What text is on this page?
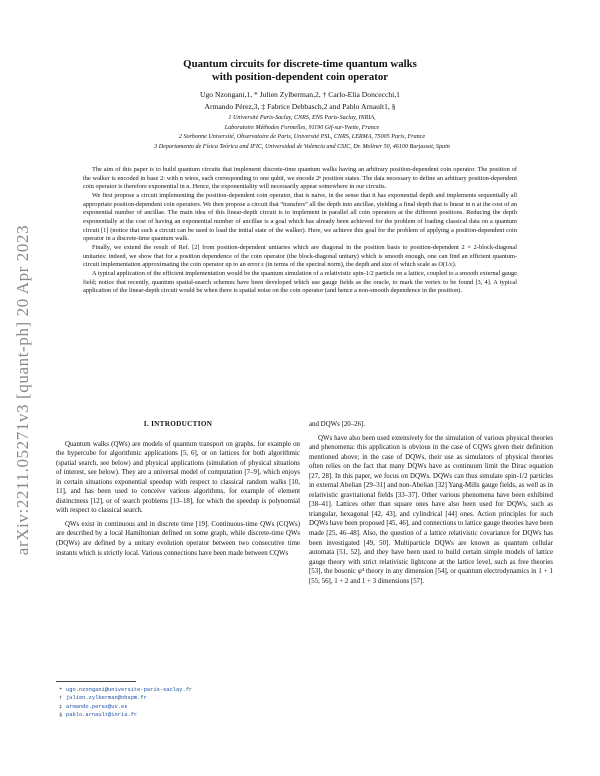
arXiv:2211.05271v3 [quant-ph] 20 Apr 2023
Quantum circuits for discrete-time quantum walks
with position-dependent coin operator
Ugo Nzongani,1, * Julien Zylberman,2, † Carlo-Elia Doncecchi,1
Armando Pérez,3, ‡ Fabrice Debbasch,2 and Pablo Arnault1, §
1 Université Paris-Saclay, CNRS, ENS Paris-Saclay, INRIA,
Laboratoire Méthodes Formelles, 91190 Gif-sur-Yvette, France
2 Sorbonne Université, Observatoire de Paris, Université PSL, CNRS, LERMA, 75005 Paris, France
3 Departamento de Física Teórica and IFIC, Universidad de Valencia and CSIC, Dr. Moliner 50, 46100 Burjassot, Spain

The aim of this paper is to build quantum circuits that implement discrete-time quantum walks having an arbitrary position-dependent coin operator. The position of the walker is encoded in base 2: with n wires, each corresponding to one qubit, we encode 2ⁿ position states. The data necessary to define an arbitrary position-dependent coin operator is therefore exponential in n. Hence, the exponentiality will necessarily appear somewhere in our circuits.

We first propose a circuit implementing the position-dependent coin operator, that is naive, in the sense that it has exponential depth and implements sequentially all appropriate position-dependent coin operators. We then propose a circuit that “transfers” all the depth into ancillae, yielding a final depth that is linear in n at the cost of an exponential number of ancillae. The main idea of this linear-depth circuit is to implement in parallel all coin operators at the different positions. Reducing the depth exponentially at the cost of having an exponential number of ancillae is a goal which has already been achieved for the problem of loading classical data on a quantum circuit [1] (notice that such a circuit can be used to load the initial state of the walker). Here, we achieve this goal for the problem of applying a position-dependent coin operator in a discrete-time quantum walk.

Finally, we extend the result of Ref. [2] from position-dependent unitaries which are diagonal in the position basis to position-dependent 2 × 2-block-diagonal unitaries: indeed, we show that for a position dependence of the coin operator (the block-diagonal unitary) which is smooth enough, one can find an efficient quantum-circuit implementation approximating the coin operator up to an error ε (in terms of the spectral norm), the depth and size of which scale as O(1/ε).

A typical application of the efficient implementation would be the quantum simulation of a relativistic spin-1/2 particle on a lattice, coupled to a smooth external gauge field; notice that recently, quantum spatial-search schemes have been developed which use gauge fields as the oracle, to mark the vertex to be found [3, 4]. A typical application of the linear-depth circuit would be when there is spatial noise on the coin operator (and hence a non-smooth dependence in the position).

I. INTRODUCTION

Quantum walks (QWs) are models of quantum transport on graphs, for example on the hypercube for algorithmic applications [5, 6], or on lattices for both algorithmic (spatial search, see below) and physical applications (simulation of physical situations of interest, see below). They are a universal model of computation [7–9], which enjoys in certain situations exponential speedup with respect to classical random walks [10, 11], and has been used to conceive various algorithms, for example of element distinctness [12], or of search problems [13–18], for which the speedup is polynomial with respect to classical search.

QWs exist in continuous and in discrete time [19]. Continuous-time QWs (CQWs) are described by a local Hamiltonian defined on some graph, while discrete-time QWs (DQWs) are defined by a unitary evolution operator between two consecutive time instants which is strictly local. Various connections have been made between CQWs

and DQWs [20–26].

QWs have also been used extensively for the simulation of various physical theories and phenomena: this application is obvious in the case of CQWs given their definition mentioned above; in the case of DQWs, their use as simulators of physical theories often relies on the fact that many DQWs have as continuum limit the Dirac equation [27, 28]. In this paper, we focus on DQWs. DQWs can thus simulate spin-1/2 particles in external Abelian [29–31] and non-Abelian [32] Yang-Mills gauge fields, as well as in relativistic gravitational fields [33–37]. Other various phenomena have been exhibited [38–41]. Lattices other than square ones have also been used for DQWs, such as triangular, hexagonal [42, 43], and cylindrical [44] ones. Action principles for such DQWs have been proposed [45, 46], and connections to lattice gauge theories have been made [25, 46–48]. Also, the question of a lattice relativistic covariance for DQWs has been investigated [49, 50]. Multiparticle DQWs are known as quantum cellular automata [51, 52], and they have been used to build certain simple models of lattice gauge theory with strict relativistic lightcone at the lattice level, such as free theories [53], the bosonic φ⁴ theory in any dimension [54], or quantum electrodynamics in 1 + 1 [55, 56], 1 + 2 and 1 + 3 dimensions [57].

* ugo.nzongani@universite-paris-saclay.fr
† julien.zylberman@obspm.fr
‡ armando.perez@uv.es
§ pablo.arnault@inria.fr
